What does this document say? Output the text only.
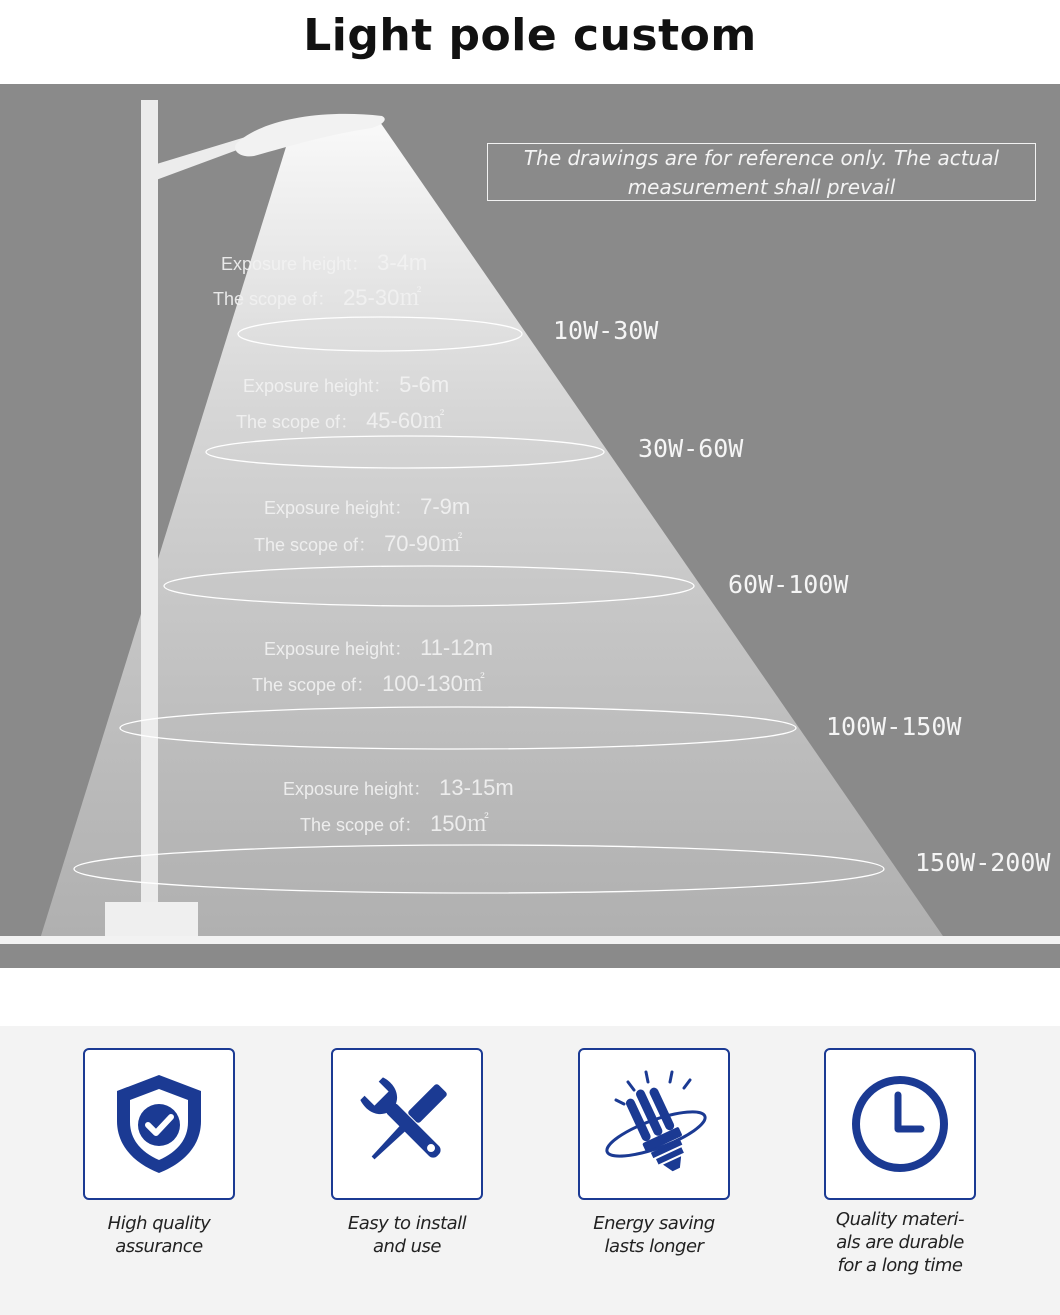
Light pole custom
The drawings are for reference only. The actual
measurement shall prevail
Exposure height： 3-4m
The scope of： 25-30㎡
10W-30W
Exposure height： 5-6m
The scope of： 45-60㎡
30W-60W
Exposure height： 7-9m
The scope of： 70-90㎡
60W-100W
Exposure height： 11-12m
The scope of： 100-130㎡
100W-150W
Exposure height： 13-15m
The scope of： 150㎡
150W-200W
High quality
assurance
Easy to install
and use
Energy saving
lasts longer
Quality materi-
als are durable
for a long time
